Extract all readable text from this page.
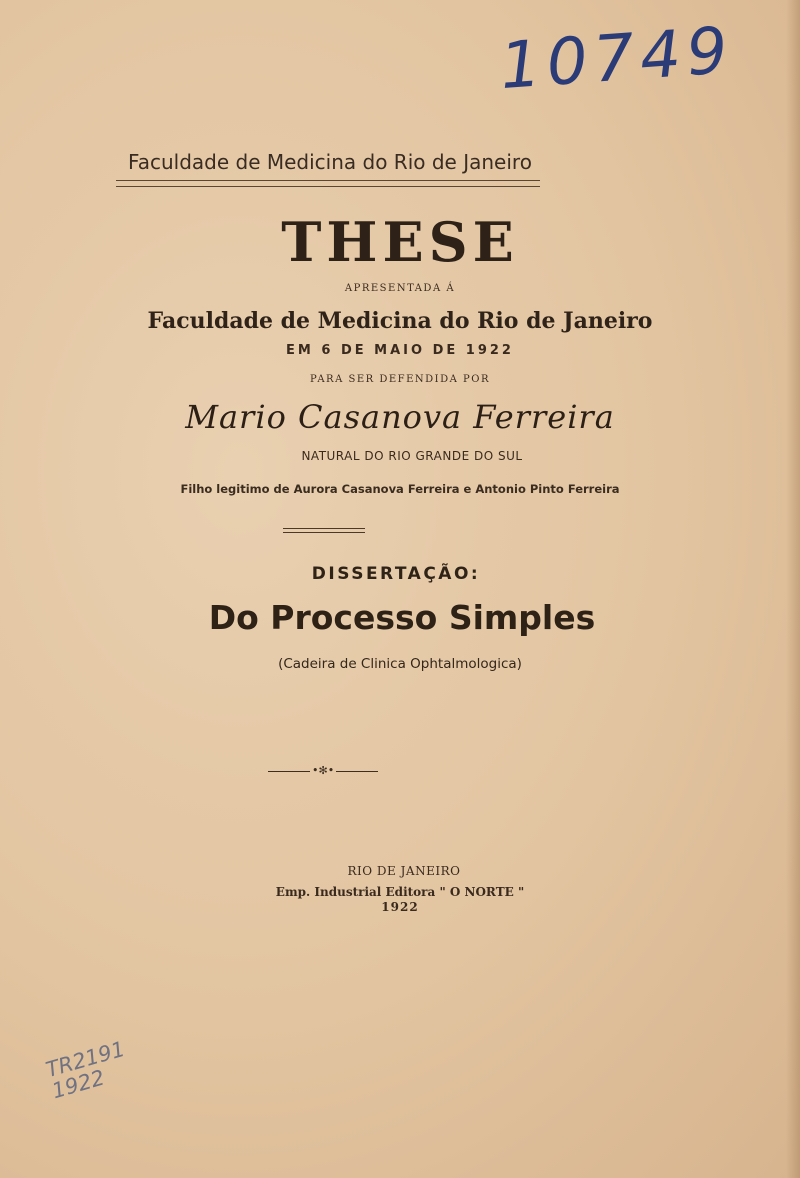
10749
TR2191
1922
Faculdade de Medicina do Rio de Janeiro
THESE
APRESENTADA Á
Faculdade de Medicina do Rio de Janeiro
EM 6 DE MAIO DE 1922
PARA SER DEFENDIDA POR
Mario Casanova Ferreira
NATURAL DO RIO GRANDE DO SUL
Filho legitimo de Aurora Casanova Ferreira e Antonio Pinto Ferreira
DISSERTAÇÃO:
Do Processo Simples
(Cadeira de Clinica Ophtalmologica)
•✻•
RIO DE JANEIRO
Emp. Industrial Editora " O NORTE "
1922
